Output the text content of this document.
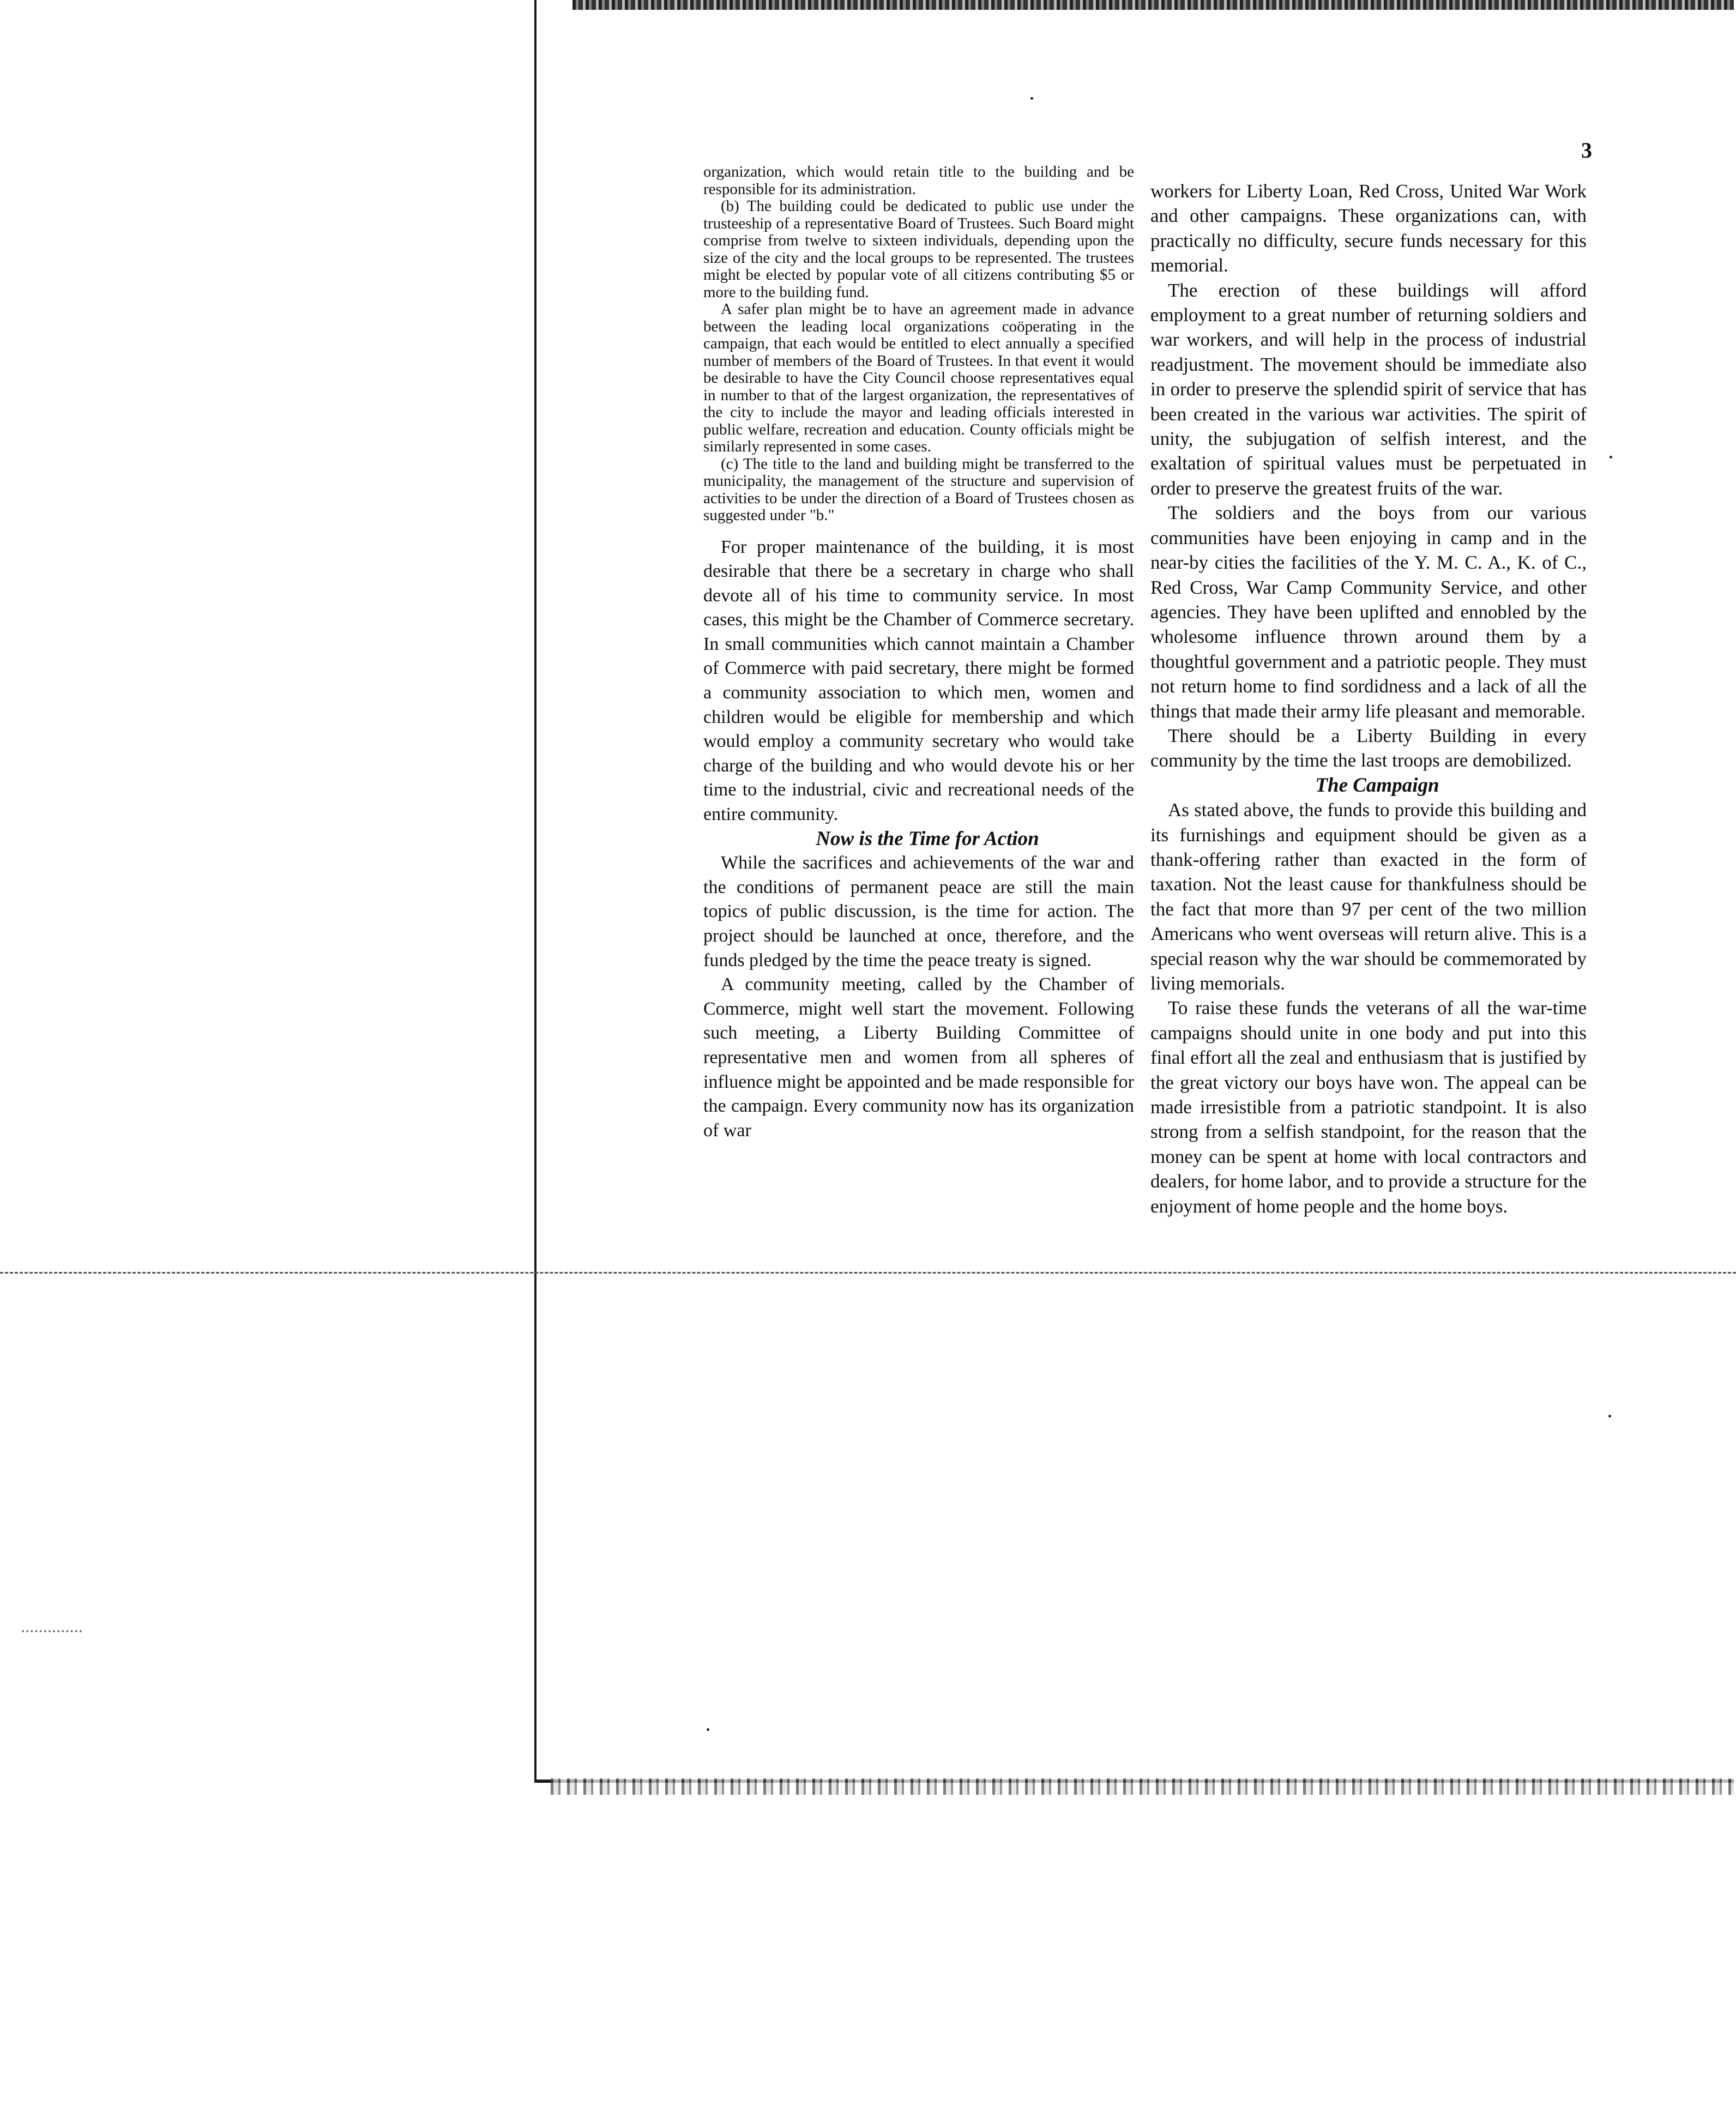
3

organization, which would retain title to the building and be responsible for its administration.

(b) The building could be dedicated to public use under the trusteeship of a representative Board of Trustees. Such Board might comprise from twelve to sixteen individuals, depending upon the size of the city and the local groups to be represented. The trustees might be elected by popular vote of all citizens contributing $5 or more to the building fund.

A safer plan might be to have an agreement made in advance between the leading local organizations coöperating in the campaign, that each would be entitled to elect annually a specified number of members of the Board of Trustees. In that event it would be desirable to have the City Council choose representatives equal in number to that of the largest organization, the representatives of the city to include the mayor and leading officials interested in public welfare, recreation and education. County officials might be similarly represented in some cases.

(c) The title to the land and building might be transferred to the municipality, the management of the structure and supervision of activities to be under the direction of a Board of Trustees chosen as suggested under "b."

For proper maintenance of the building, it is most desirable that there be a secretary in charge who shall devote all of his time to community service. In most cases, this might be the Chamber of Commerce secretary. In small communities which cannot maintain a Chamber of Commerce with paid secretary, there might be formed a community association to which men, women and children would be eligible for membership and which would employ a community secretary who would take charge of the building and who would devote his or her time to the industrial, civic and recreational needs of the entire community.

Now is the Time for Action

While the sacrifices and achievements of the war and the conditions of permanent peace are still the main topics of public discussion, is the time for action. The project should be launched at once, therefore, and the funds pledged by the time the peace treaty is signed.

A community meeting, called by the Chamber of Commerce, might well start the movement. Following such meeting, a Liberty Building Committee of representative men and women from all spheres of influence might be appointed and be made responsible for the campaign. Every community now has its organization of war

workers for Liberty Loan, Red Cross, United War Work and other campaigns. These organizations can, with practically no difficulty, secure funds necessary for this memorial.

The erection of these buildings will afford employment to a great number of returning soldiers and war workers, and will help in the process of industrial readjustment. The movement should be immediate also in order to preserve the splendid spirit of service that has been created in the various war activities. The spirit of unity, the subjugation of selfish interest, and the exaltation of spiritual values must be perpetuated in order to preserve the greatest fruits of the war.

The soldiers and the boys from our various communities have been enjoying in camp and in the near-by cities the facilities of the Y. M. C. A., K. of C., Red Cross, War Camp Community Service, and other agencies. They have been uplifted and ennobled by the wholesome influence thrown around them by a thoughtful government and a patriotic people. They must not return home to find sordidness and a lack of all the things that made their army life pleasant and memorable.

There should be a Liberty Building in every community by the time the last troops are demobilized.

The Campaign

As stated above, the funds to provide this building and its furnishings and equipment should be given as a thank-offering rather than exacted in the form of taxation. Not the least cause for thankfulness should be the fact that more than 97 per cent of the two million Americans who went overseas will return alive. This is a special reason why the war should be commemorated by living memorials.

To raise these funds the veterans of all the war-time campaigns should unite in one body and put into this final effort all the zeal and enthusiasm that is justified by the great victory our boys have won. The appeal can be made irresistible from a patriotic standpoint. It is also strong from a selfish standpoint, for the reason that the money can be spent at home with local contractors and dealers, for home labor, and to provide a structure for the enjoyment of home people and the home boys.
